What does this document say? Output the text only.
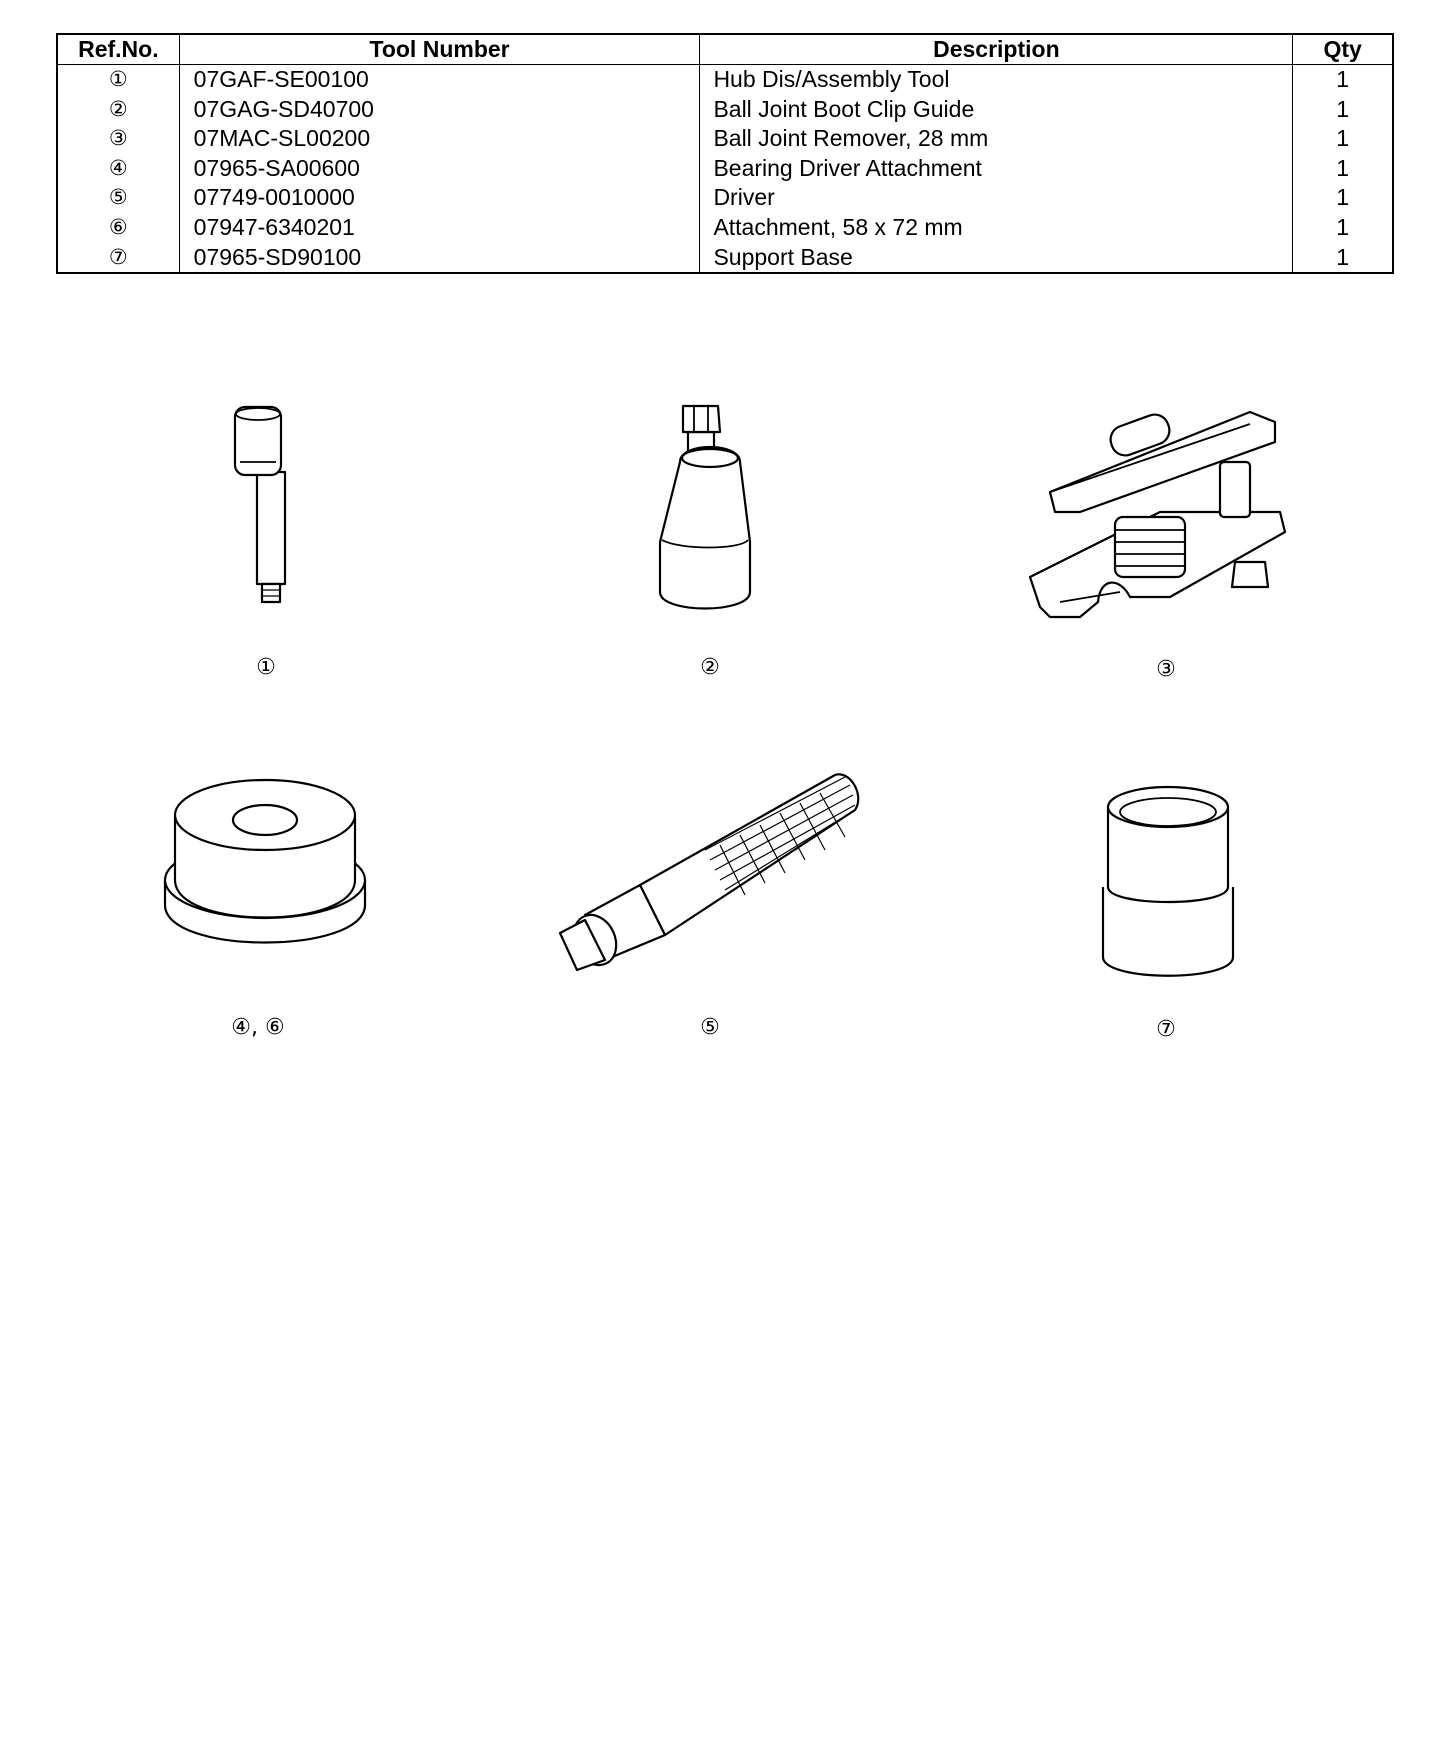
Ref.No.	Tool Number	Description	Qty
①	07GAF-SE00100	Hub Dis/Assembly Tool	1
②	07GAG-SD40700	Ball Joint Boot Clip Guide	1
③	07MAC-SL00200	Ball Joint Remover, 28 mm	1
④	07965-SA00600	Bearing Driver Attachment	1
⑤	07749-0010000	Driver	1
⑥	07947-6340201	Attachment, 58 x 72 mm	1
⑦	07965-SD90100	Support Base	1
①	②	③
④, ⑥	⑤	⑦
